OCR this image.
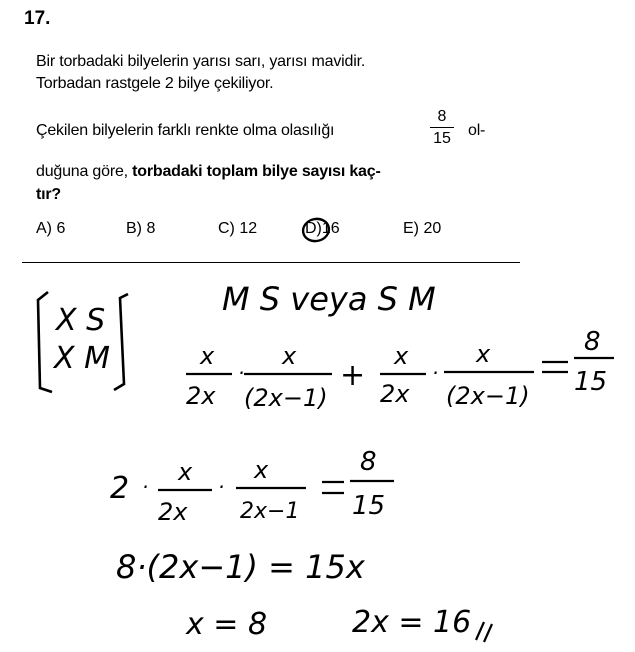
17.
Bir torbadaki bilyelerin yarısı sarı, yarısı mavidir.
Torbadan rastgele 2 bilye çekiliyor.
Çekilen bilyelerin farklı renkte olma olasılığı
8
15 ol-
duğuna göre, torbadaki toplam bilye sayısı kaç-
tır?
A) 6	B) 8	C) 12	D)16	E) 20
X S
X M
M S veya S M
x
2x
·
x
(2x−1)
+
x
2x
·
x
(2x−1)
8
15
2 ·
x
2x
·
x
2x−1
8
15
8·(2x−1) = 15x
x = 8	2x = 16
